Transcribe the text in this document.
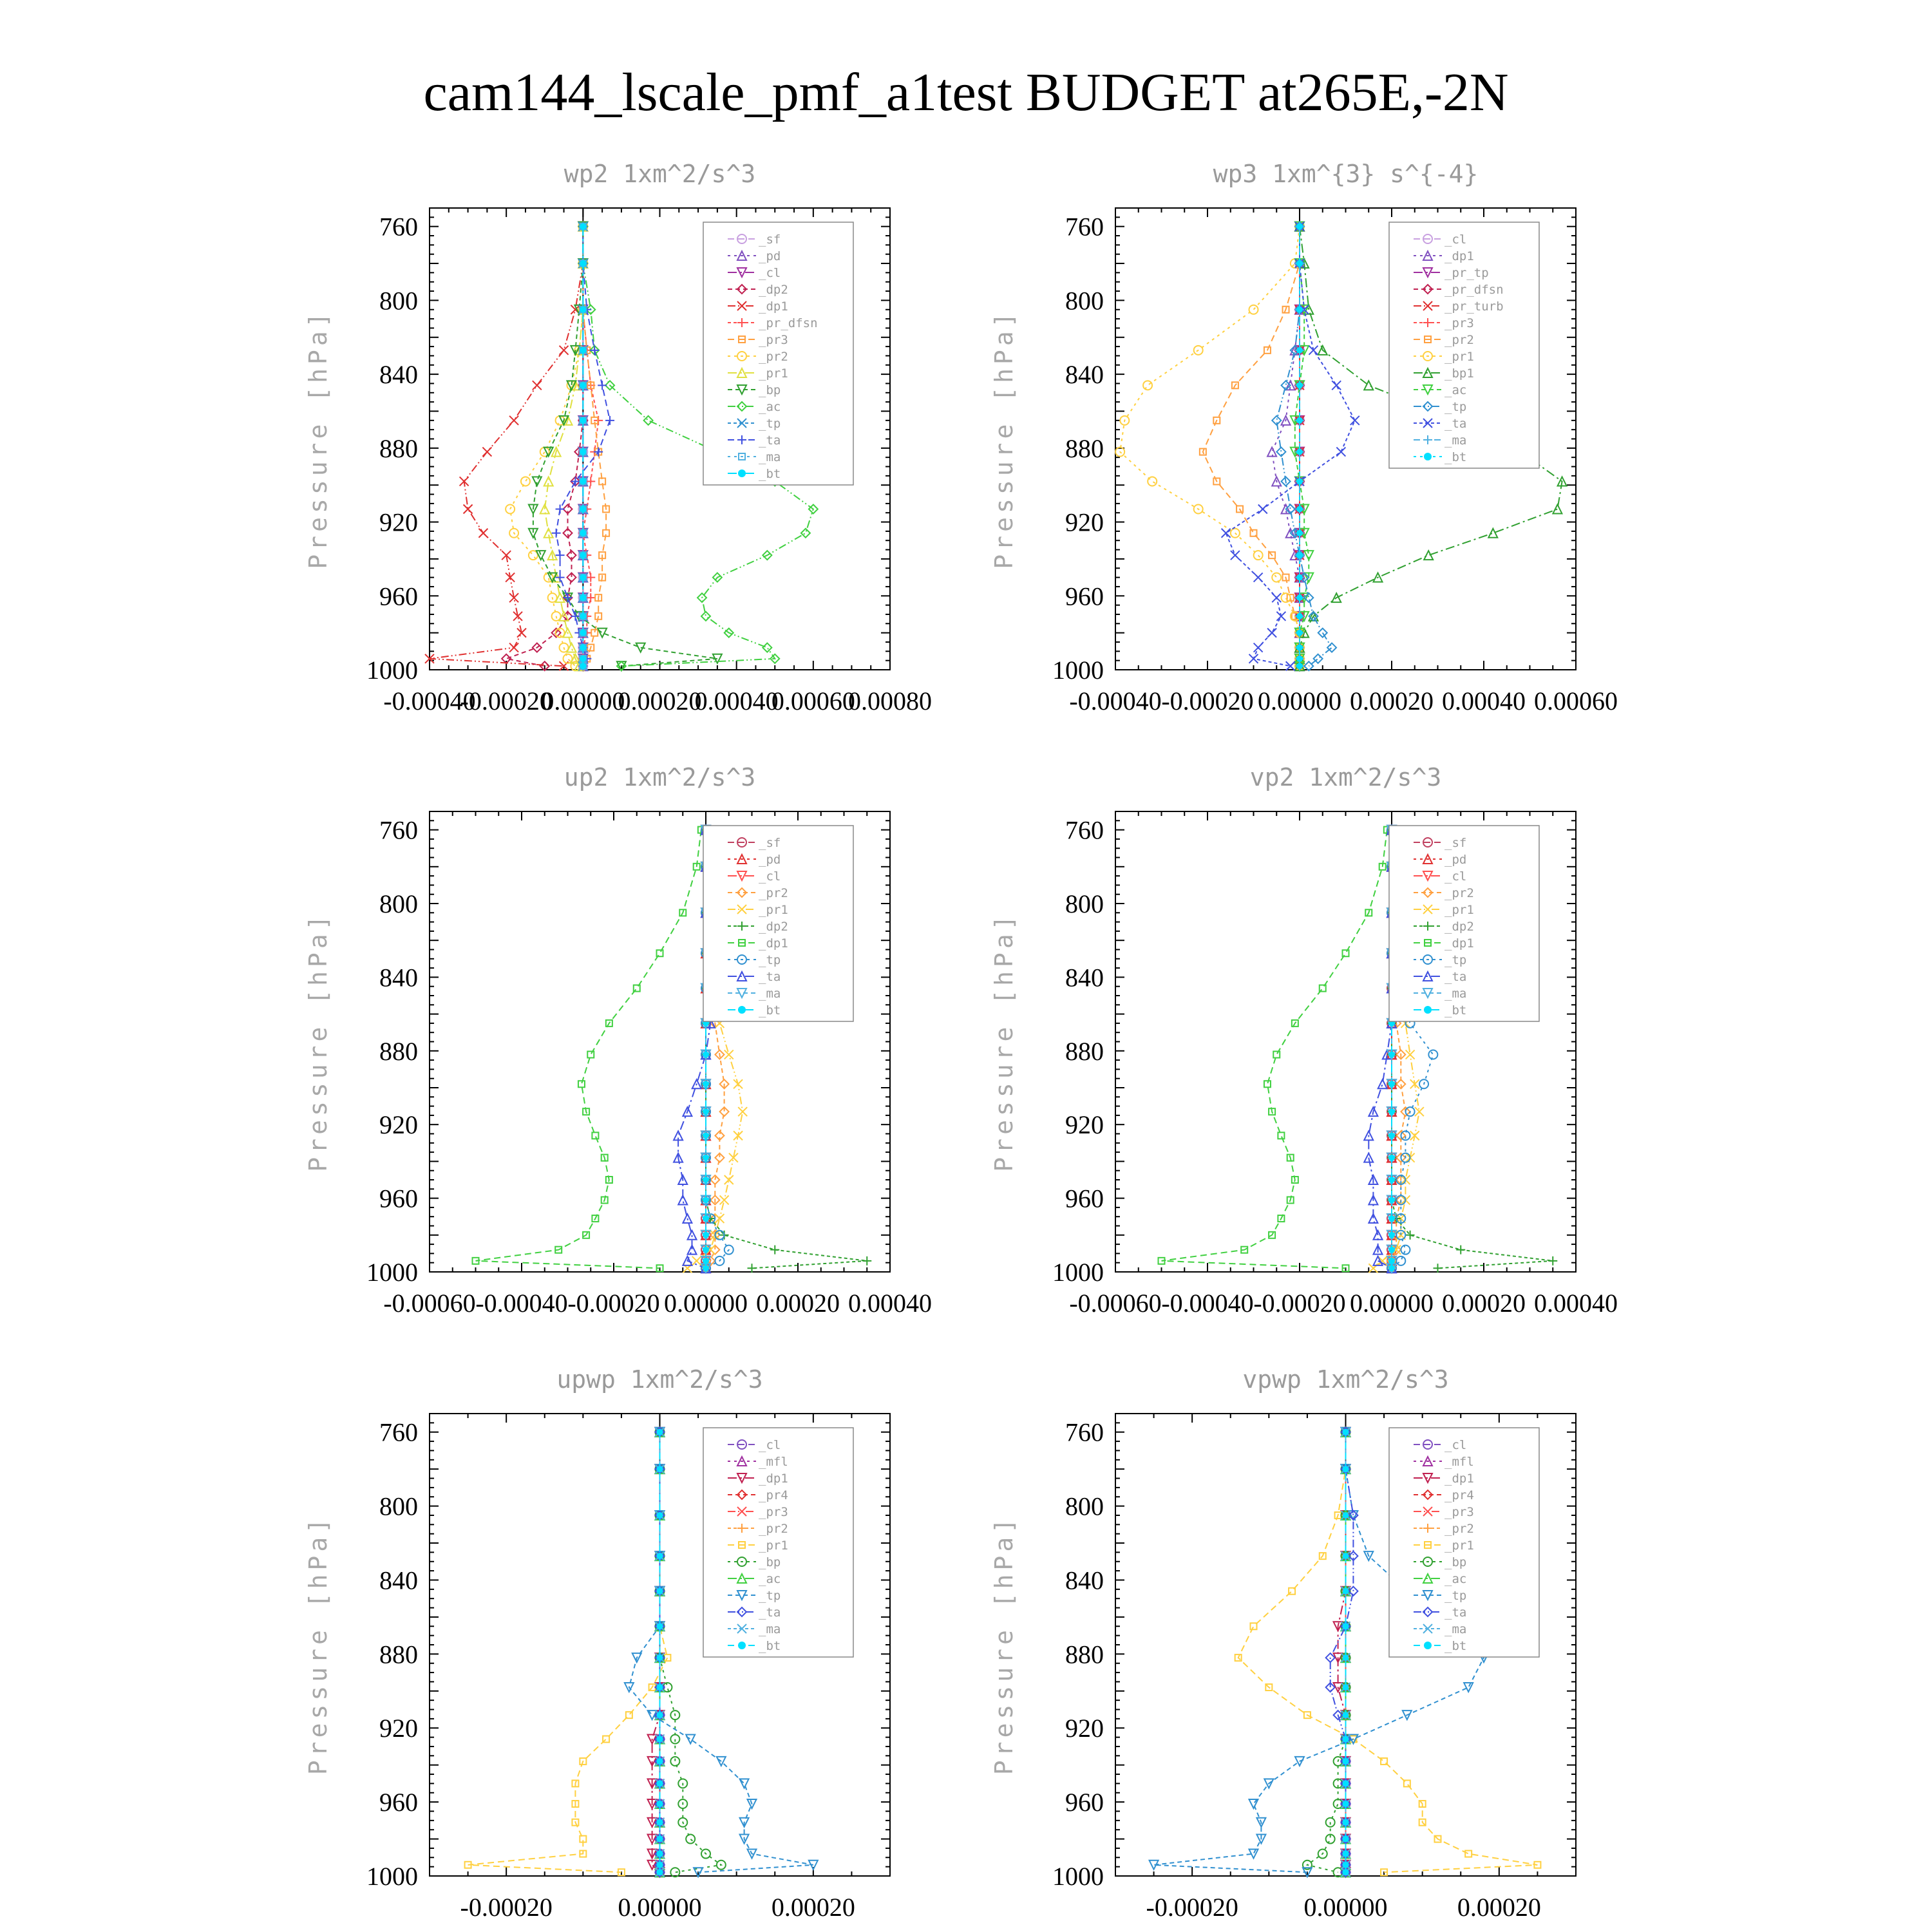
cam144_lscale_pmf_a1test BUDGET at265E,-2N
wp2 1xm^2/s^3
Pressure [hPa]
760
800
840
880
920
960
1000
-0.00040
-0.00020
0.00000
0.00020
0.00040
0.00060
0.00080
_sf
_pd
_cl
_dp2
_dp1
_pr_dfsn
_pr3
_pr2
_pr1
_bp
_ac
_tp
_ta
_ma
_bt
wp3 1xm^{3} s^{-4}
Pressure [hPa]
760
800
840
880
920
960
1000
-0.00040 -0.00020 0.00000 0.00020 0.00040 0.00060
_cl
_dp1
_pr_tp
_pr_dfsn
_pr_turb
_pr3
_pr2
_pr1
_bp1
_ac
_tp
_ta
_ma
_bt
up2 1xm^2/s^3
Pressure [hPa]
760
800
840
880
920
960
1000
-0.00060 -0.00040 -0.00020 0.00000 0.00020 0.00040
_sf
_pd
_cl
_pr2
_pr1
_dp2
_dp1
_tp
_ta
_ma
_bt
vp2 1xm^2/s^3
Pressure [hPa]
760
800
840
880
920
960
1000
-0.00060 -0.00040 -0.00020 0.00000 0.00020 0.00040
_sf
_pd
_cl
_pr2
_pr1
_dp2
_dp1
_tp
_ta
_ma
_bt
upwp 1xm^2/s^3
Pressure [hPa]
760
800
840
880
920
960
1000
-0.00020	0.00000	0.00020
_cl
_mfl
_dp1
_pr4
_pr3
_pr2
_pr1
_bp
_ac
_tp
_ta
_ma
_bt
vpwp 1xm^2/s^3
Pressure [hPa]
760
800
840
880
920
960
1000
-0.00020	0.00000	0.00020
_cl
_mfl
_dp1
_pr4
_pr3
_pr2
_pr1
_bp
_ac
_tp
_ta
_ma
_bt
